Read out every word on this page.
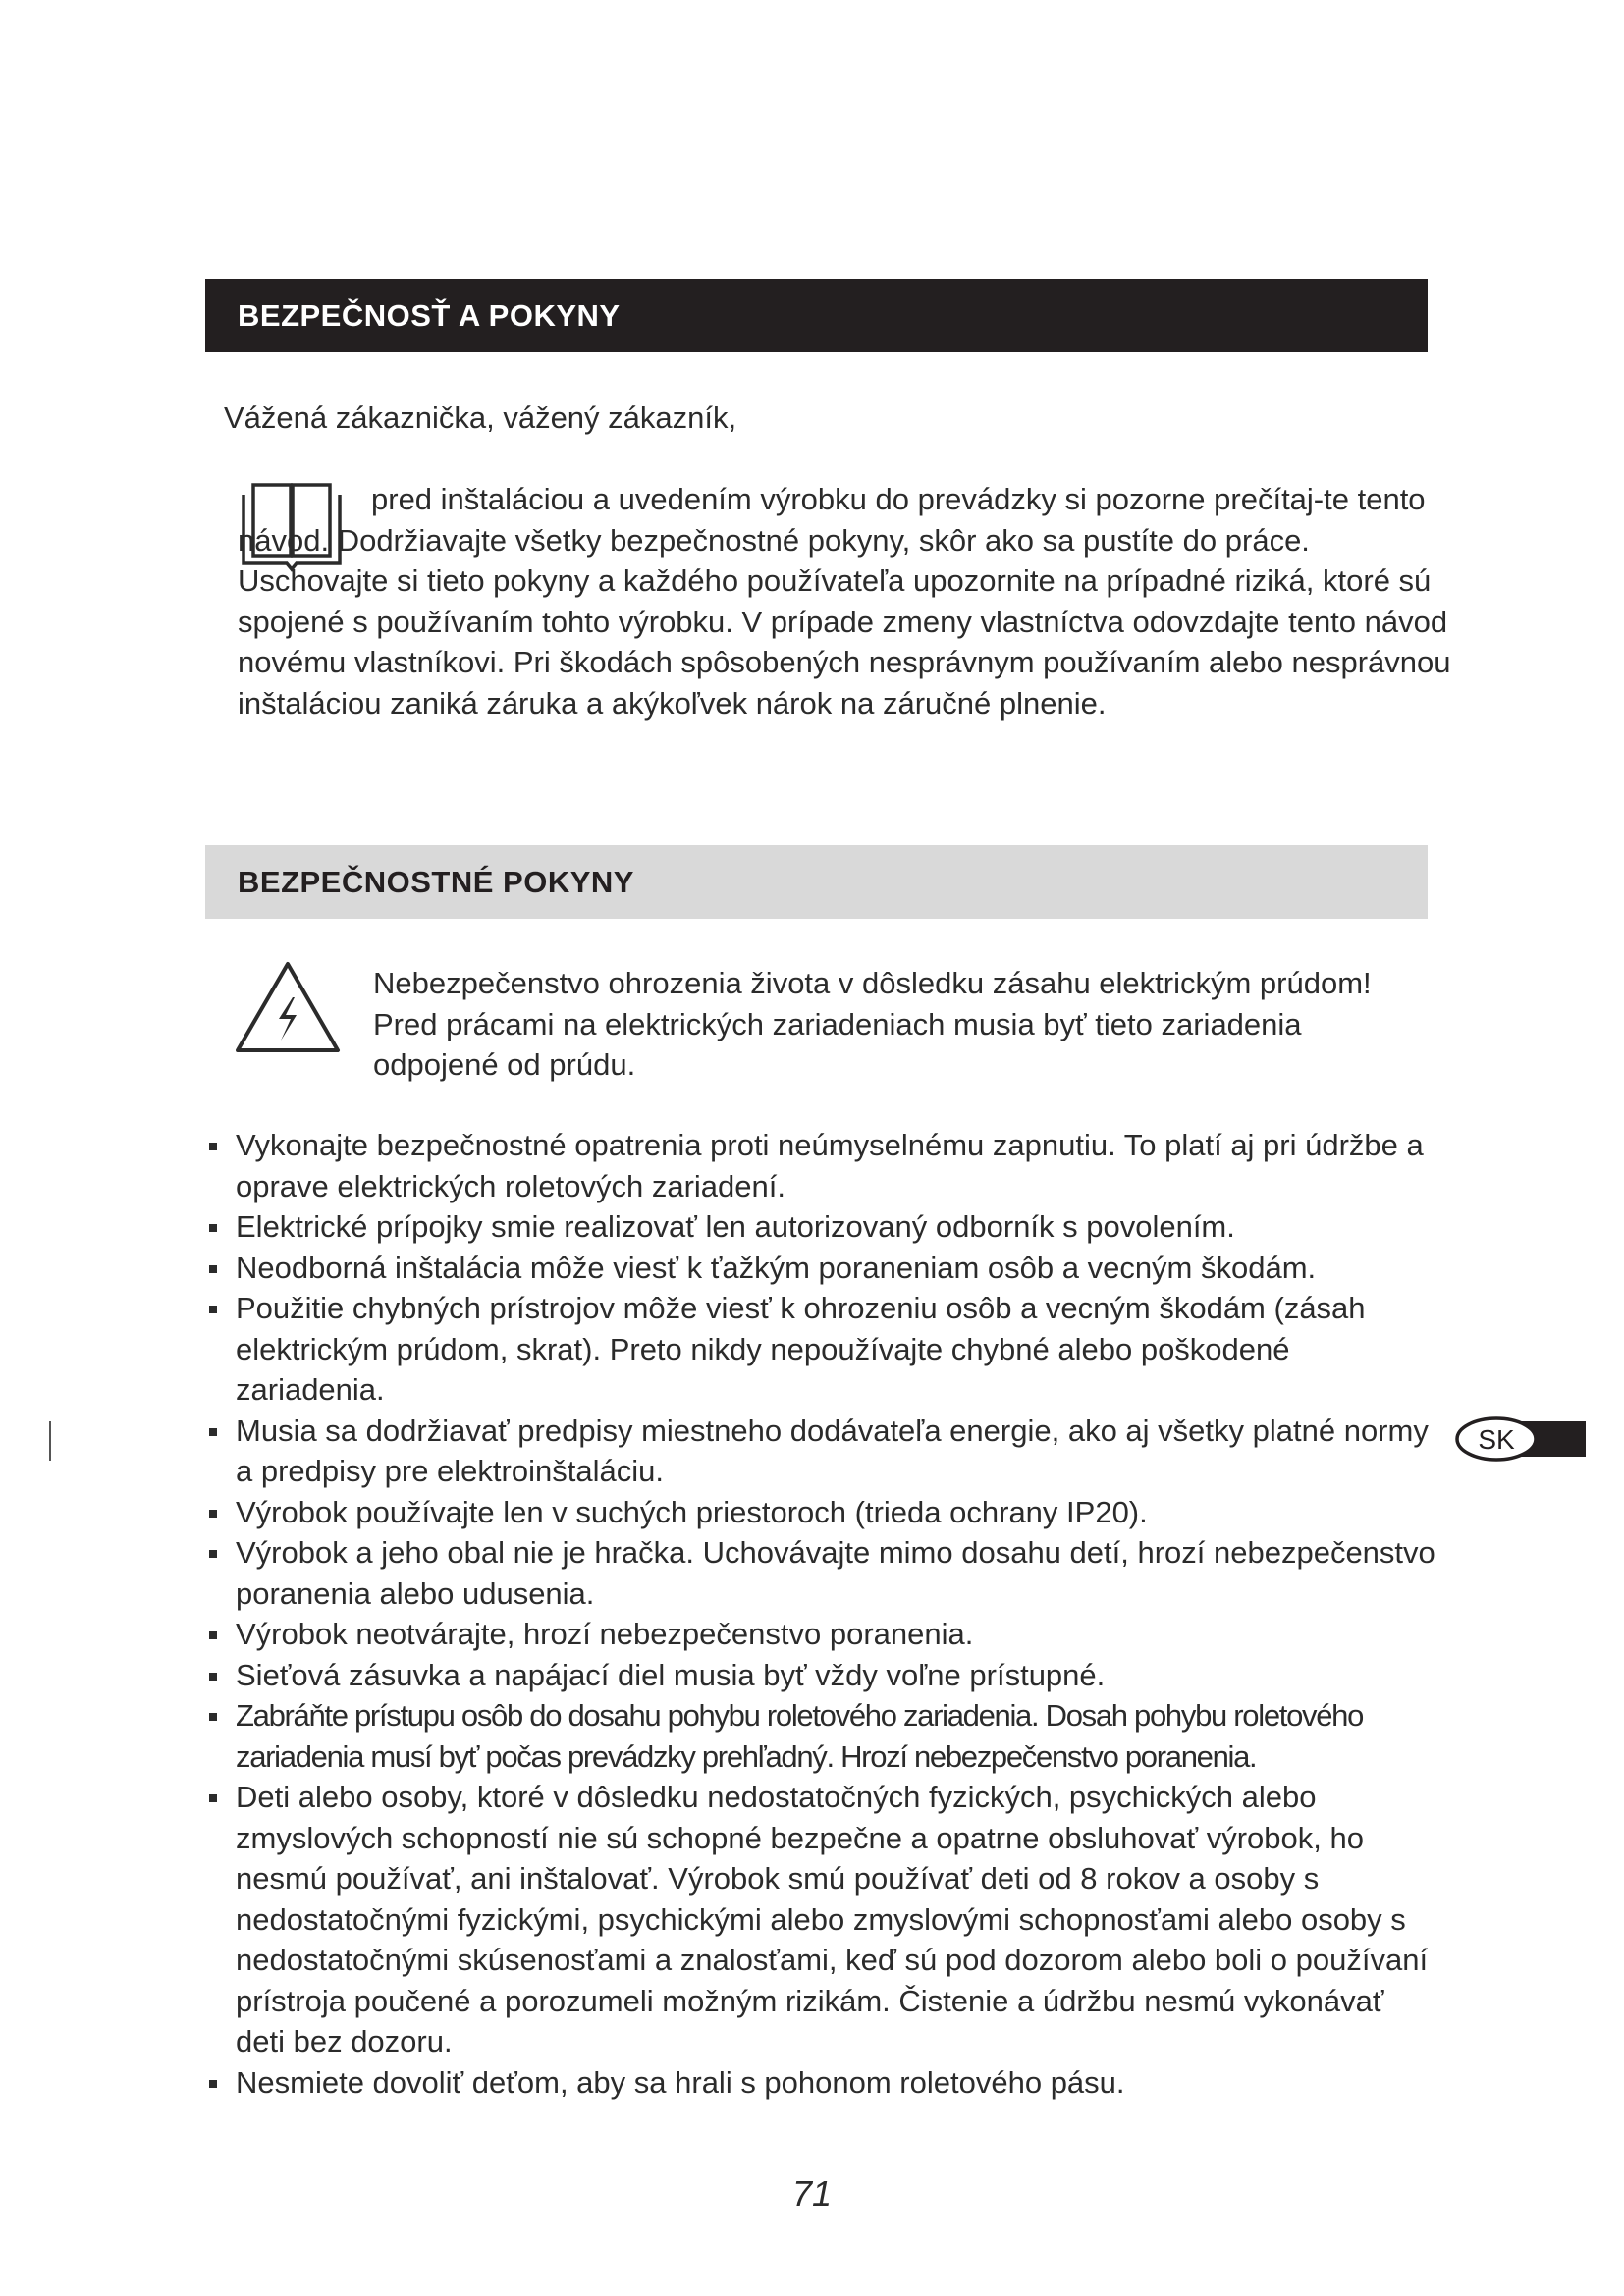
BEZPEČNOSŤ A POKYNY
Vážená zákaznička, vážený zákazník,

pred inštaláciou a uvedením výrobku do prevádzky si pozorne prečítaj-te tento návod. Dodržiavajte všetky bezpečnostné pokyny, skôr ako sa pustíte do práce. Uschovajte si tieto pokyny a každého používateľa upozornite na prípadné riziká, ktoré sú spojené s používaním tohto výrobku. V prípade zmeny vlastníctva odovzdajte tento návod novému vlastníkovi. Pri škodách spôsobených nesprávnym používaním alebo nesprávnou inštaláciou zaniká záruka a akýkoľvek nárok na záručné plnenie.

BEZPEČNOSTNÉ POKYNY

Nebezpečenstvo ohrozenia života v dôsledku zásahu elektrickým prúdom! Pred prácami na elektrických zariadeniach musia byť tieto zariadenia odpojené od prúdu.

Vykonajte bezpečnostné opatrenia proti neúmyselnému zapnutiu. To platí aj pri údržbe a oprave elektrických roletových zariadení.
Elektrické prípojky smie realizovať len autorizovaný odborník s povolením.
Neodborná inštalácia môže viesť k ťažkým poraneniam osôb a vecným škodám.
Použitie chybných prístrojov môže viesť k ohrozeniu osôb a vecným škodám (zásah elektrickým prúdom, skrat). Preto nikdy nepoužívajte chybné alebo poškodené zariadenia.
Musia sa dodržiavať predpisy miestneho dodávateľa energie, ako aj všetky platné normy a predpisy pre elektroinštaláciu.
Výrobok používajte len v suchých priestoroch (trieda ochrany IP20).
Výrobok a jeho obal nie je hračka. Uchovávajte mimo dosahu detí, hrozí nebezpečenstvo poranenia alebo udusenia.
Výrobok neotvárajte, hrozí nebezpečenstvo poranenia.
Sieťová zásuvka a napájací diel musia byť vždy voľne prístupné.
Zabráňte prístupu osôb do dosahu pohybu roletového zariadenia. Dosah pohybu roletového zariadenia musí byť počas prevádzky prehľadný. Hrozí nebezpečenstvo poranenia.
Deti alebo osoby, ktoré v dôsledku nedostatočných fyzických, psychických alebo zmyslových schopností nie sú schopné bezpečne a opatrne obsluhovať výrobok, ho nesmú používať, ani inštalovať. Výrobok smú používať deti od 8 rokov a osoby s nedostatočnými fyzickými, psychickými alebo zmyslovými schopnosťami alebo osoby s nedostatočnými skúsenosťami a znalosťami, keď sú pod dozorom alebo boli o používaní prístroja poučené a porozumeli možným rizikám. Čistenie a údržbu nesmú vykonávať deti bez dozoru.
Nesmiete dovoliť deťom, aby sa hrali s pohonom roletového pásu.
SK
71
